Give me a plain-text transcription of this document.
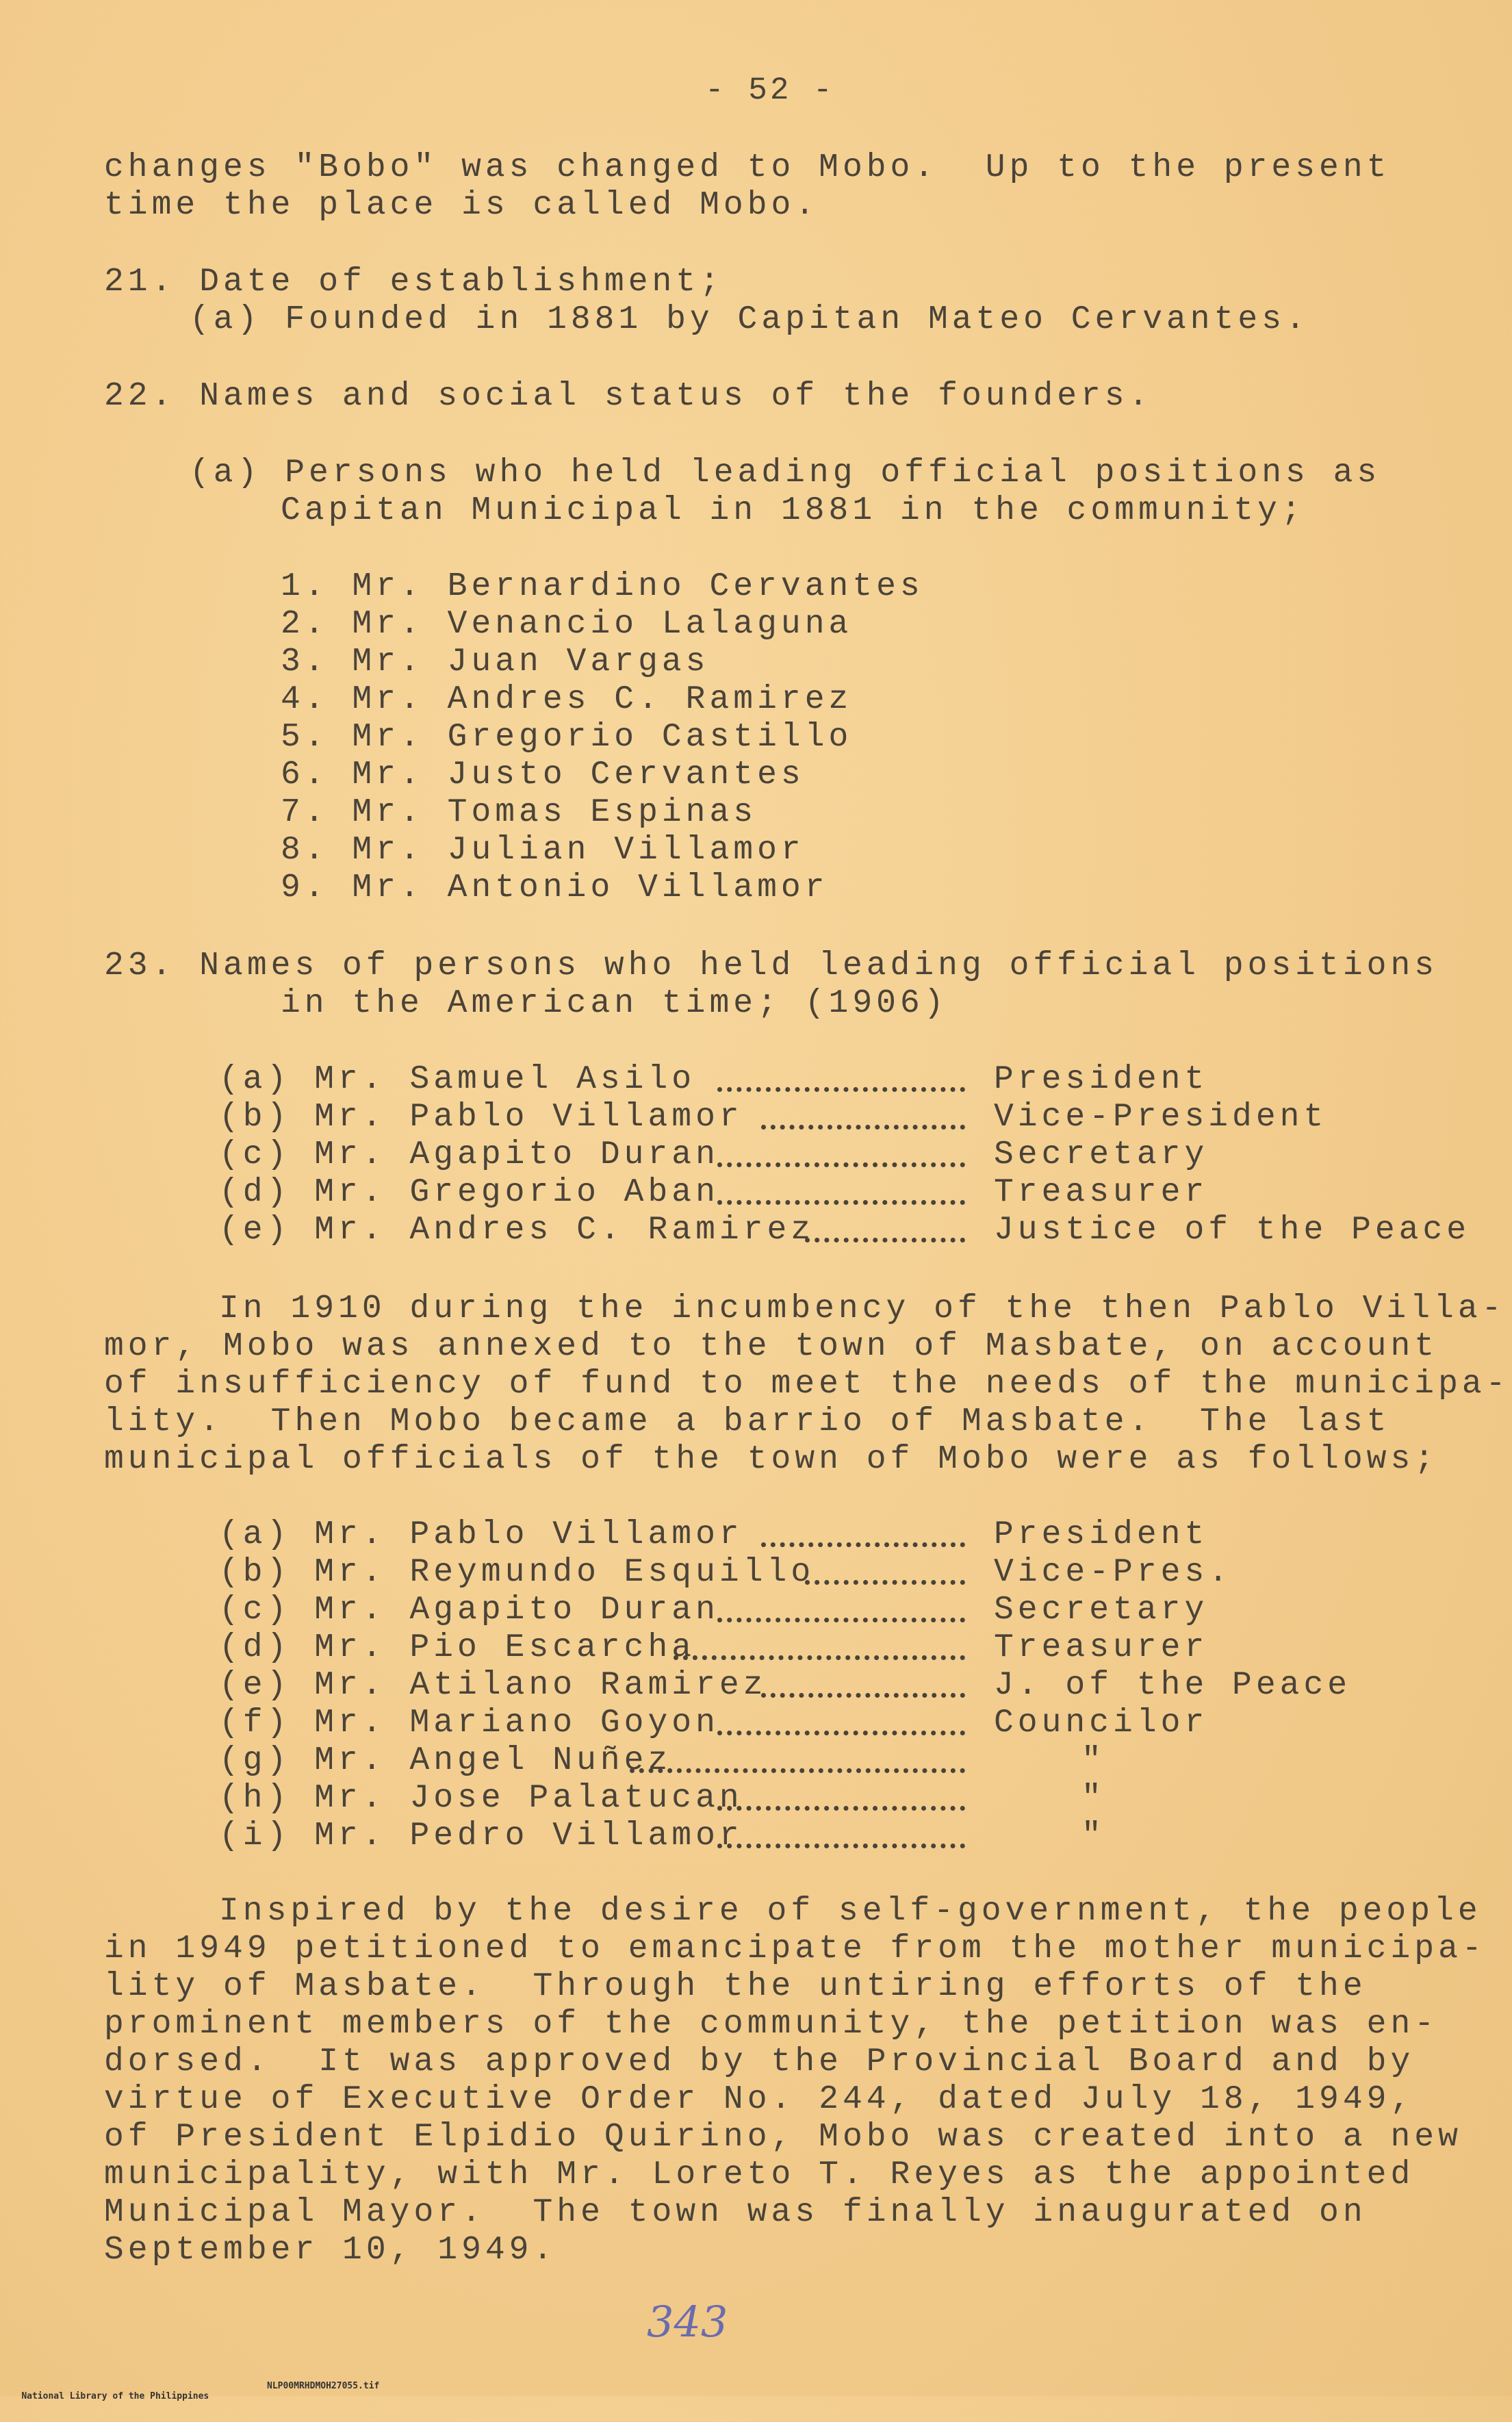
- 52 -

changes "Bobo" was changed to Mobo.  Up to the present

time the place is called Mobo.

21. Date of establishment;

(a) Founded in 1881 by Capitan Mateo Cervantes.

22. Names and social status of the founders.

(a) Persons who held leading official positions as

Capitan Municipal in 1881 in the community;

1. Mr. Bernardino Cervantes

2. Mr. Venancio Lalaguna

3. Mr. Juan Vargas

4. Mr. Andres C. Ramirez

5. Mr. Gregorio Castillo

6. Mr. Justo Cervantes

7. Mr. Tomas Espinas

8. Mr. Julian Villamor

9. Mr. Antonio Villamor

23. Names of persons who held leading official positions

in the American time; (1906)

(a) Mr. Samuel Asilo	President

(b) Mr. Pablo Villamor	Vice-President

(c) Mr. Agapito Duran	Secretary

(d) Mr. Gregorio Aban	Treasurer

(e) Mr. Andres C. Ramirez	Justice of the Peace

In 1910 during the incumbency of the then Pablo Villa-

mor, Mobo was annexed to the town of Masbate, on account

of insufficiency of fund to meet the needs of the municipa-

lity.  Then Mobo became a barrio of Masbate.  The last

municipal officials of the town of Mobo were as follows;

(a) Mr. Pablo Villamor	President

(b) Mr. Reymundo Esquillo	Vice-Pres.

(c) Mr. Agapito Duran	Secretary

(d) Mr. Pio Escarcha	Treasurer

(e) Mr. Atilano Ramirez	J. of the Peace

(f) Mr. Mariano Goyon	Councilor

(g) Mr. Angel Nuñez	"

(h) Mr. Jose Palatucan	"

(i) Mr. Pedro Villamor	"

Inspired by the desire of self-government, the people

in 1949 petitioned to emancipate from the mother municipa-

lity of Masbate.  Through the untiring efforts of the

prominent members of the community, the petition was en-

dorsed.  It was approved by the Provincial Board and by

virtue of Executive Order No. 244, dated July 18, 1949,

of President Elpidio Quirino, Mobo was created into a new

municipality, with Mr. Loreto T. Reyes as the appointed

Municipal Mayor.  The town was finally inaugurated on

September 10, 1949.

343

National Library of the Philippines

NLP00MRHDMOH27055.tif
